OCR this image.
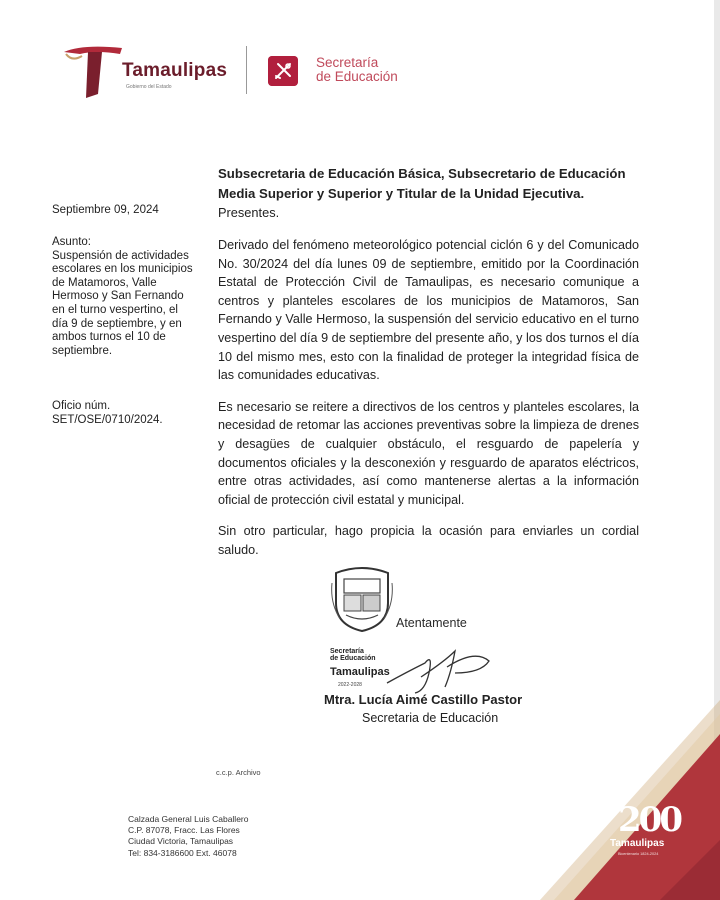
Tamaulipas
Gobierno del Estado
Secretaría
de Educación
Septiembre 09, 2024
Asunto:
Suspensión de actividades
escolares en los municipios
de Matamoros, Valle
Hermoso y San Fernando
en el turno vespertino, el
día 9 de septiembre, y en
ambos turnos el 10 de
septiembre.
Oficio núm.
SET/OSE/0710/2024.
Subsecretaria de Educación Básica, Subsecretario de Educación Media Superior y Superior y Titular de la Unidad Ejecutiva.
Presentes.

Derivado del fenómeno meteorológico potencial ciclón 6 y del Comunicado No. 30/2024 del día lunes 09 de septiembre, emitido por la Coordinación Estatal de Protección Civil de Tamaulipas, es necesario comunique a centros y planteles escolares de los municipios de Matamoros, San Fernando y Valle Hermoso, la suspensión del servicio educativo en el turno vespertino del día 9 de septiembre del presente año, y los dos turnos el día 10 del mismo mes, esto con la finalidad de proteger la integridad física de las comunidades educativas.

Es necesario se reitere a directivos de los centros y planteles escolares, la necesidad de retomar las acciones preventivas sobre la limpieza de drenes y desagües de cualquier obstáculo, el resguardo de papelería y documentos oficiales y la desconexión y resguardo de aparatos eléctricos, entre otras actividades, así como mantenerse alertas a la información oficial de protección civil estatal y municipal.

Sin otro particular, hago propicia la ocasión para enviarles un cordial saludo.

Atentamente
Secretaría
de Educación
Tamaulipas
2022-2028
Mtra. Lucía Aimé Castillo Pastor
Secretaria de Educación
c.c.p. Archivo
Calzada General Luis Caballero
C.P. 87078, Fracc. Las Flores
Ciudad Victoria, Tamaulipas
Tel: 834-3186600 Ext. 46078
200
Tamaulipas
Bicentenario 1824-2024
